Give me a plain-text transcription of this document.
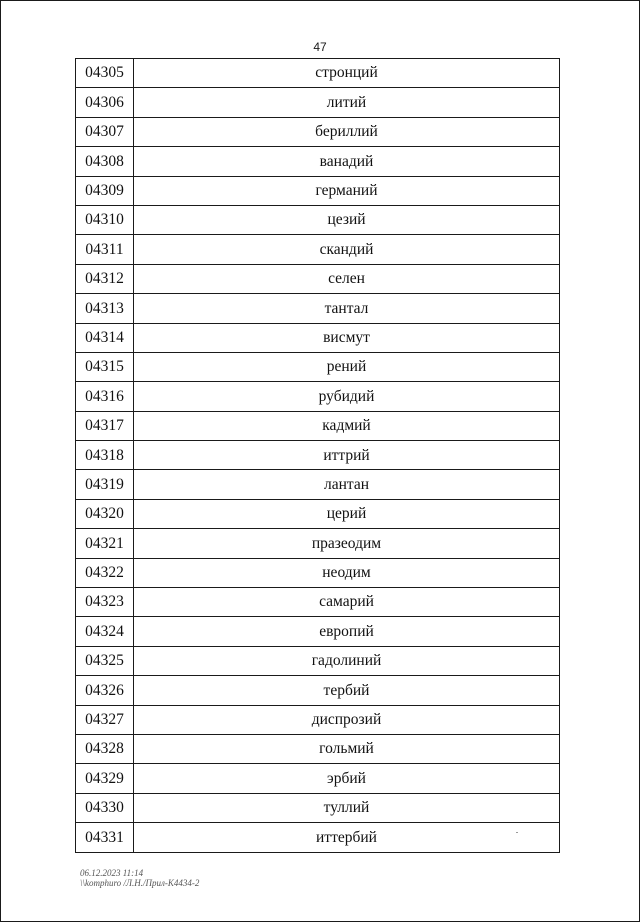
47
04305	стронций
04306	литий
04307	бериллий
04308	ванадий
04309	германий
04310	цезий
04311	скандий
04312	селен
04313	тантал
04314	висмут
04315	рений
04316	рубидий
04317	кадмий
04318	иттрий
04319	лантан
04320	церий
04321	празеодим
04322	неодим
04323	самарий
04324	европий
04325	гадолиний
04326	тербий
04327	диспрозий
04328	гольмий
04329	эрбий
04330	туллий
04331	иттербий
06.12.2023 11:14
\\komphuro /Л.Н./Прил-К4434-2
